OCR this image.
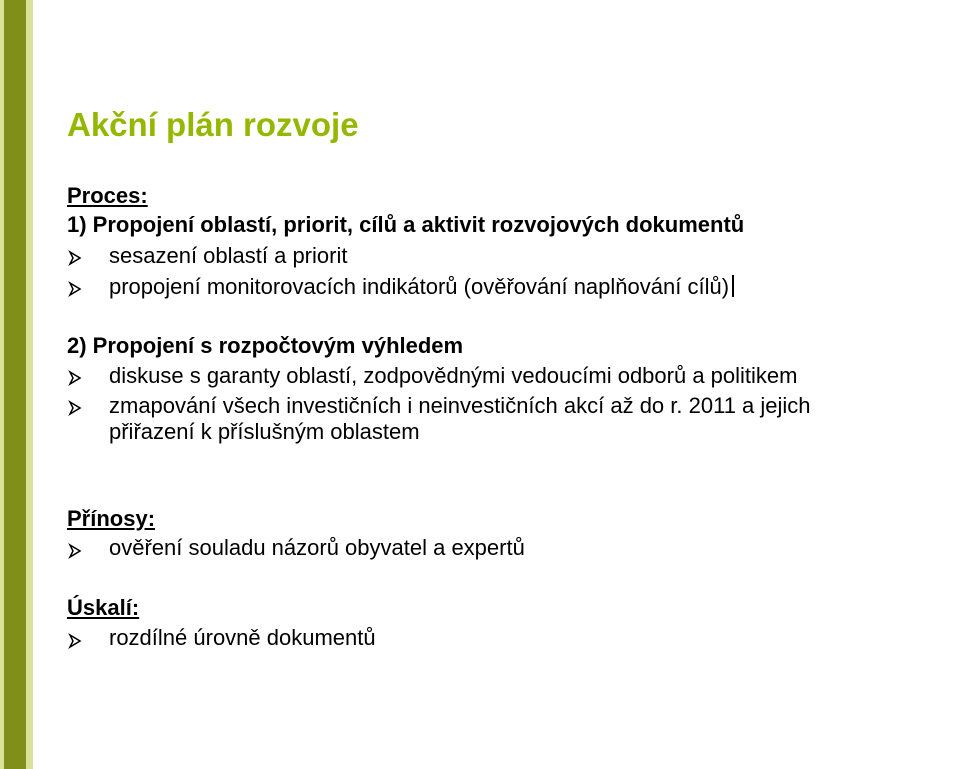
Akční plán rozvoje
Proces:
1) Propojení oblastí, priorit, cílů a aktivit rozvojových dokumentů
sesazení oblastí a priorit
propojení monitorovacích indikátorů (ověřování naplňování cílů)
2) Propojení s rozpočtovým výhledem
diskuse s garanty oblastí, zodpovědnými vedoucími odborů a politikem
zmapování všech investičních i neinvestičních akcí až do r. 2011 a jejich
přiřazení k příslušným oblastem
Přínosy:
ověření souladu názorů obyvatel a expertů
Úskalí:
rozdílné úrovně dokumentů
